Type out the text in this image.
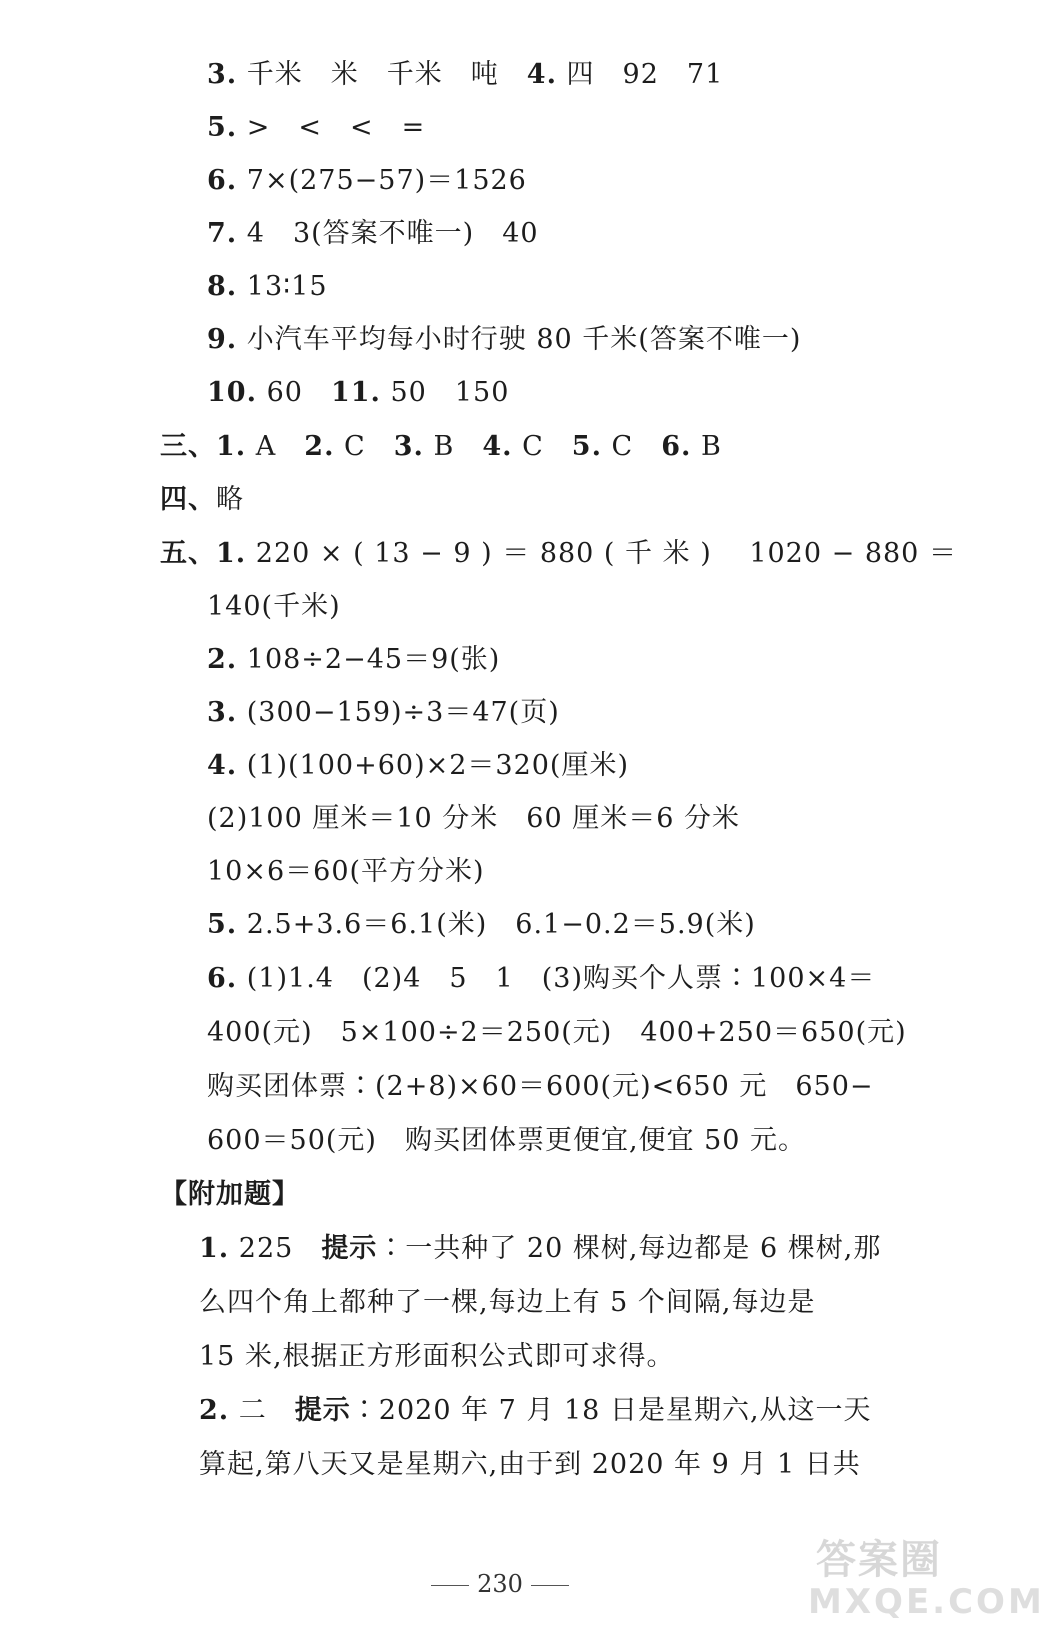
3. 千米　米　千米　吨　4. 四　92　71
5. >　<　<　=
6. 7×(275−57)＝1526
7. 4　3(答案不唯一)　40
8. 13∶15
9. 小汽车平均每小时行驶 80 千米(答案不唯一)
10. 60　11. 50　150
三、1. A　2. C　3. B　4. C　5. C　6. B
四、略
五、1. 220 × ( 13 − 9 ) ＝ 880 ( 千 米 )　 1020 − 880 ＝
140(千米)
2. 108÷2−45＝9(张)
3. (300−159)÷3＝47(页)
4. (1)(100+60)×2＝320(厘米)
(2)100 厘米＝10 分米　60 厘米＝6 分米
10×6＝60(平方分米)
5. 2.5+3.6＝6.1(米)　6.1−0.2＝5.9(米)
6. (1)1.4　(2)4　5　1　(3)购买个人票∶100×4＝
400(元)　5×100÷2＝250(元)　400+250＝650(元)
购买团体票∶(2+8)×60＝600(元)<650 元　650−
600＝50(元)　购买团体票更便宜,便宜 50 元。
【附加题】
1. 225　提示∶一共种了 20 棵树,每边都是 6 棵树,那
么四个角上都种了一棵,每边上有 5 个间隔,每边是
15 米,根据正方形面积公式即可求得。
2. 二　提示∶2020 年 7 月 18 日是星期六,从这一天
算起,第八天又是星期六,由于到 2020 年 9 月 1 日共
230
答案圈
MXQE.COM
